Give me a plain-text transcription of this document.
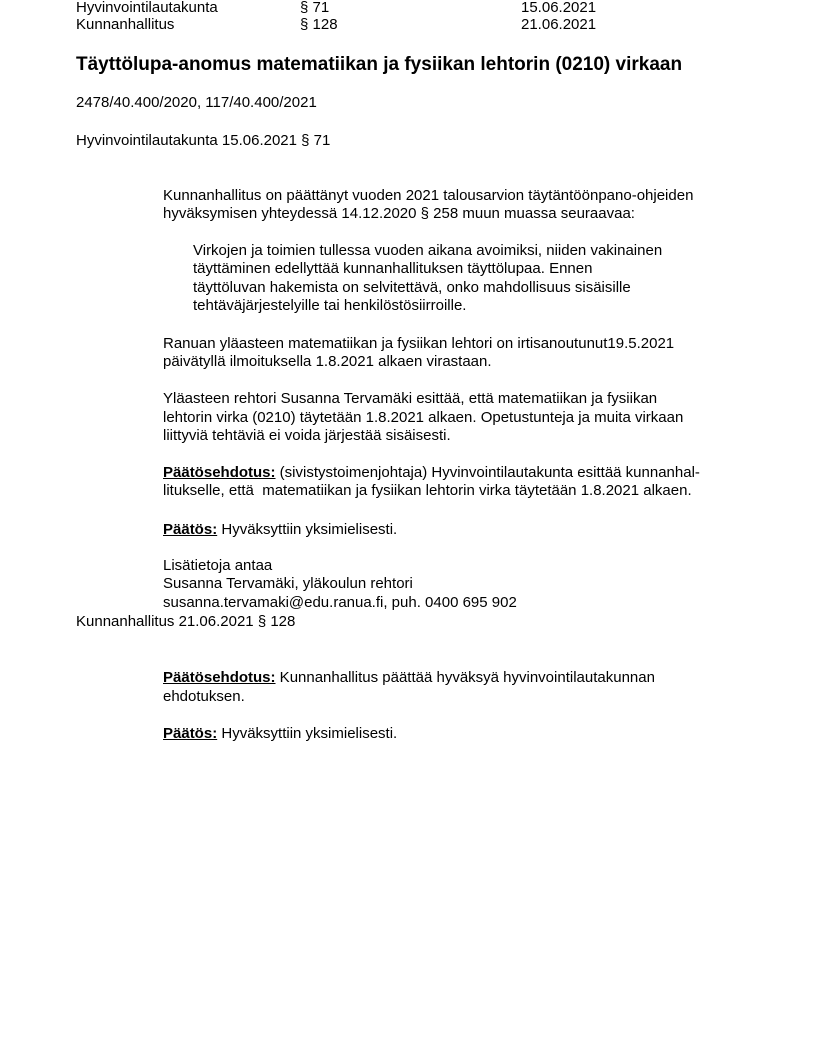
Hyvinvointilautakunta	§ 71	15.06.2021
Kunnanhallitus	§ 128	21.06.2021
Täyttölupa-anomus matematiikan ja fysiikan lehtorin (0210) virkaan
2478/40.400/2020, 117/40.400/2021
Hyvinvointilautakunta 15.06.2021 § 71
Kunnanhallitus on päättänyt vuoden 2021 talousarvion täytäntöönpano-ohjeiden
hyväksymisen yhteydessä 14.12.2020 § 258 muun muassa seuraavaa:
Virkojen ja toimien tullessa vuoden aikana avoimiksi, niiden vakinainen
täyttäminen edellyttää kunnanhallituksen täyttölupaa. Ennen
täyttöluvan hakemista on selvitettävä, onko mahdollisuus sisäisille
tehtäväjärjestelyille tai henkilöstösiirroille.
Ranuan yläasteen matematiikan ja fysiikan lehtori on irtisanoutunut19.5.2021
päivätyllä ilmoituksella 1.8.2021 alkaen virastaan.
Yläasteen rehtori Susanna Tervamäki esittää, että matematiikan ja fysiikan
lehtorin virka (0210) täytetään 1.8.2021 alkaen. Opetustunteja ja muita virkaan
liittyviä tehtäviä ei voida järjestää sisäisesti.
Päätösehdotus: (sivistystoimenjohtaja) Hyvinvointilautakunta esittää kunnanhal-
litukselle, että  matematiikan ja fysiikan lehtorin virka täytetään 1.8.2021 alkaen.
Päätös: Hyväksyttiin yksimielisesti.
Lisätietoja antaa
Susanna Tervamäki, yläkoulun rehtori
susanna.tervamaki@edu.ranua.fi, puh. 0400 695 902
Kunnanhallitus 21.06.2021 § 128
Päätösehdotus: Kunnanhallitus päättää hyväksyä hyvinvointilautakunnan
ehdotuksen.
Päätös: Hyväksyttiin yksimielisesti.
